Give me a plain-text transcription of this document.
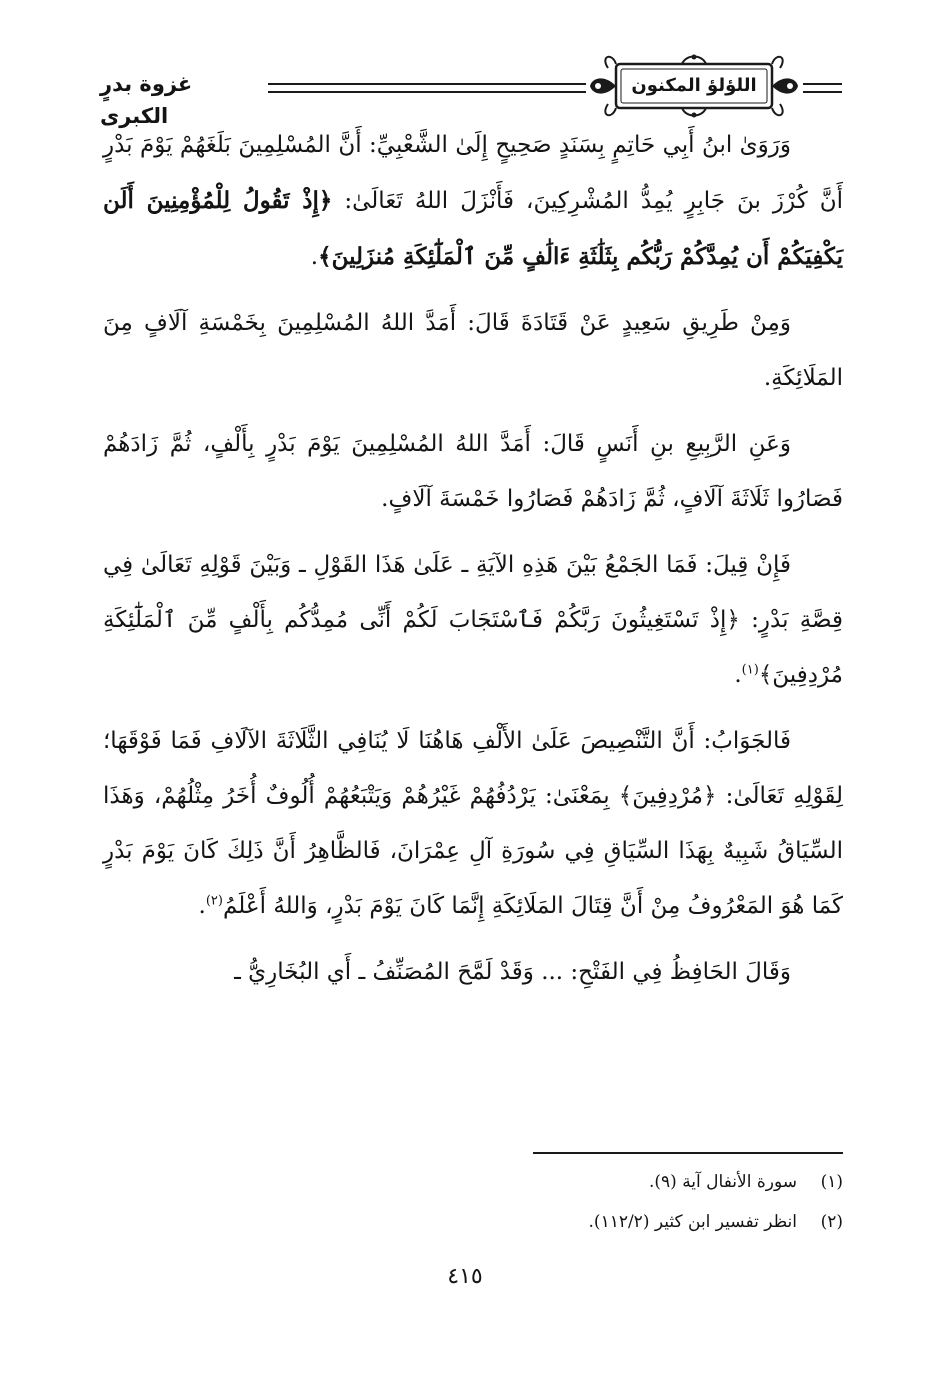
غزوة بدرٍ الكبرى
اللؤلؤ المكنون

وَرَوَىٰ ابنُ أَبِي حَاتِمٍ بِسَنَدٍ صَحِيحٍ إِلَىٰ الشَّعْبِيِّ: أَنَّ المُسْلِمِينَ بَلَغَهُمْ يَوْمَ بَدْرٍ أَنَّ كُرْزَ بنَ جَابِرٍ يُمِدُّ المُشْرِكِينَ، فَأَنْزَلَ اللهُ تَعَالَىٰ: ﴿إِذْ تَقُولُ لِلْمُؤْمِنِينَ أَلَن يَكْفِيَكُمْ أَن يُمِدَّكُمْ رَبُّكُم بِثَلَٰثَةِ ءَالَٰفٍ مِّنَ ٱلْمَلَٰٓئِكَةِ مُنزَلِينَ﴾.

وَمِنْ طَرِيقِ سَعِيدٍ عَنْ قَتَادَةَ قَالَ: أَمَدَّ اللهُ المُسْلِمِينَ بِخَمْسَةِ آلَافٍ مِنَ المَلَائِكَةِ.

وَعَنِ الرَّبِيعِ بنِ أَنَسٍ قَالَ: أَمَدَّ اللهُ المُسْلِمِينَ يَوْمَ بَدْرٍ بِأَلْفٍ، ثُمَّ زَادَهُمْ فَصَارُوا ثَلَاثَةَ آلَافٍ، ثُمَّ زَادَهُمْ فَصَارُوا خَمْسَةَ آلَافٍ.

فَإِنْ قِيلَ: فَمَا الجَمْعُ بَيْنَ هَذِهِ الآيَةِ ـ عَلَىٰ هَذَا القَوْلِ ـ وَبَيْنَ قَوْلِهِ تَعَالَىٰ فِي قِصَّةِ بَدْرٍ: ﴿إِذْ تَسْتَغِيثُونَ رَبَّكُمْ فَٱسْتَجَابَ لَكُمْ أَنِّى مُمِدُّكُم بِأَلْفٍ مِّنَ ٱلْمَلَٰٓئِكَةِ مُرْدِفِينَ﴾$^{(١)}$.

فَالجَوَابُ: أَنَّ التَّنْصِيصَ عَلَىٰ الأَلْفِ هَاهُنَا لَا يُنَافِي الثَّلَاثَةَ الآلَافِ فَمَا فَوْقَهَا؛ لِقَوْلِهِ تَعَالَىٰ: ﴿مُرْدِفِينَ﴾ بِمَعْنَىٰ: يَرْدُفُهُمْ غَيْرُهُمْ وَيَتْبَعُهُمْ أُلُوفٌ أُخَرُ مِثْلُهُمْ، وَهَذَا السِّيَاقُ شَبِيهٌ بِهَذَا السِّيَاقِ فِي سُورَةِ آلِ عِمْرَانَ، فَالظَّاهِرُ أَنَّ ذَلِكَ كَانَ يَوْمَ بَدْرٍ كَمَا هُوَ المَعْرُوفُ مِنْ أَنَّ قِتَالَ المَلَائِكَةِ إِنَّمَا كَانَ يَوْمَ بَدْرٍ، وَاللهُ أَعْلَمُ$^{(٢)}$.

وَقَالَ الحَافِظُ فِي الفَتْحِ: ... وَقَدْ لَمَّحَ المُصَنِّفُ ـ أَي البُخَارِيُّ ـ

(١)
سورة الأنفال آية (٩).
(٢)
انظر تفسير ابن كثير (١١٢/٢).
٤١٥
